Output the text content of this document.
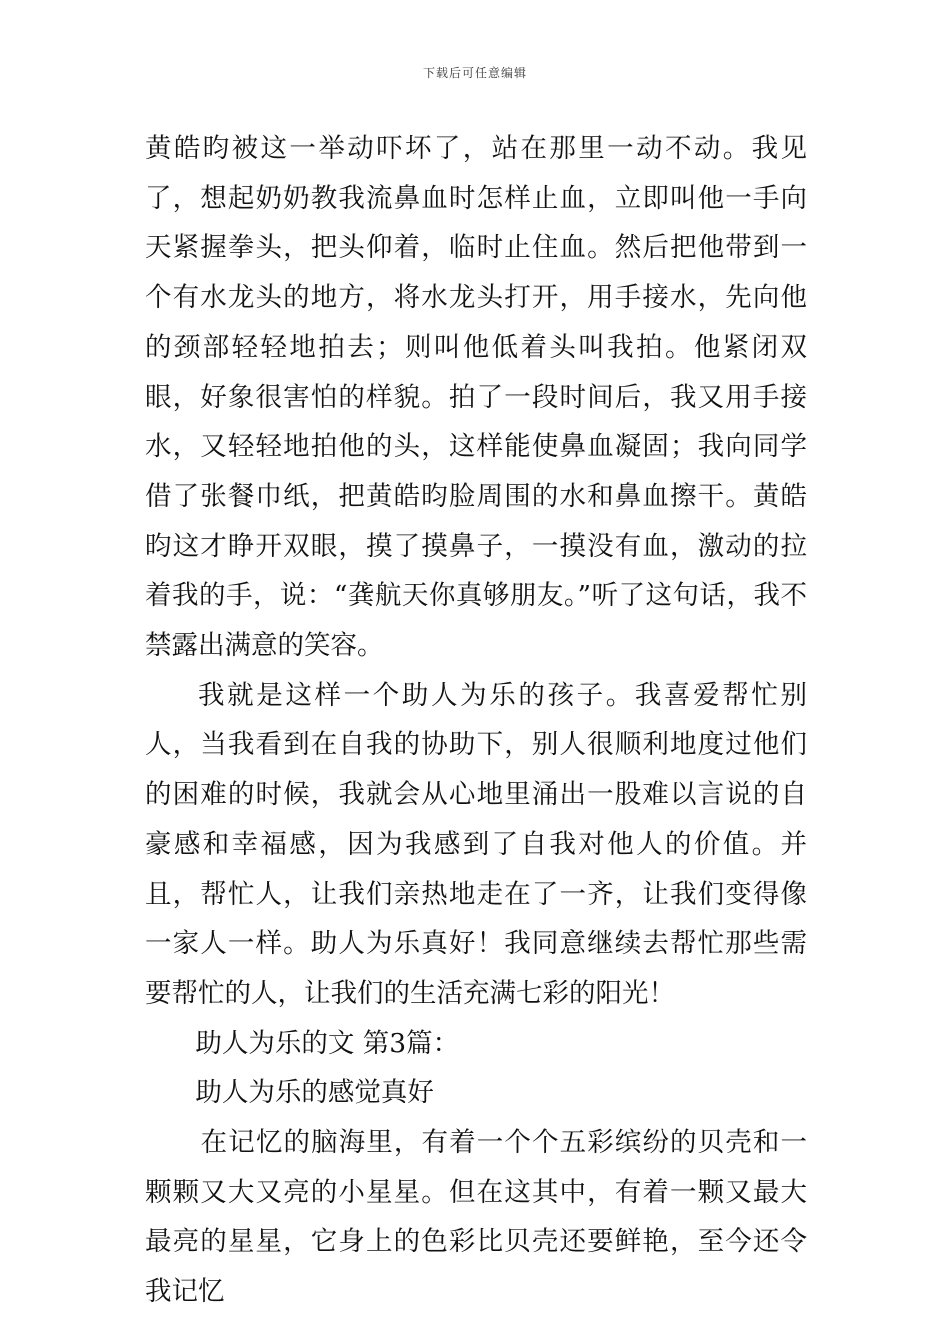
下载后可任意编辑

黄皓昀被这一举动吓坏了，站在那里一动不动。我见了，想起奶奶教我流鼻血时怎样止血，立即叫他一手向天紧握拳头，把头仰着，临时止住血。然后把他带到一个有水龙头的地方，将水龙头打开，用手接水，先向他的颈部轻轻地拍去；则叫他低着头叫我拍。他紧闭双眼，好象很害怕的样貌。拍了一段时间后，我又用手接水，又轻轻地拍他的头，这样能使鼻血凝固；我向同学借了张餐巾纸，把黄皓昀脸周围的水和鼻血擦干。黄皓昀这才睁开双眼，摸了摸鼻子，一摸没有血，激动的拉着我的手，说：“龚航天你真够朋友。”听了这句话，我不禁露出满意的笑容。

我就是这样一个助人为乐的孩子。我喜爱帮忙别人，当我看到在自我的协助下，别人很顺利地度过他们的困难的时候，我就会从心地里涌出一股难以言说的自豪感和幸福感，因为我感到了自我对他人的价值。并且，帮忙人，让我们亲热地走在了一齐，让我们变得像一家人一样。助人为乐真好！我同意继续去帮忙那些需要帮忙的人，让我们的生活充满七彩的阳光！

助人为乐的文 第3篇：

助人为乐的感觉真好

在记忆的脑海里，有着一个个五彩缤纷的贝壳和一颗颗又大又亮的小星星。但在这其中，有着一颗又最大最亮的星星，它身上的色彩比贝壳还要鲜艳，至今还令我记忆
